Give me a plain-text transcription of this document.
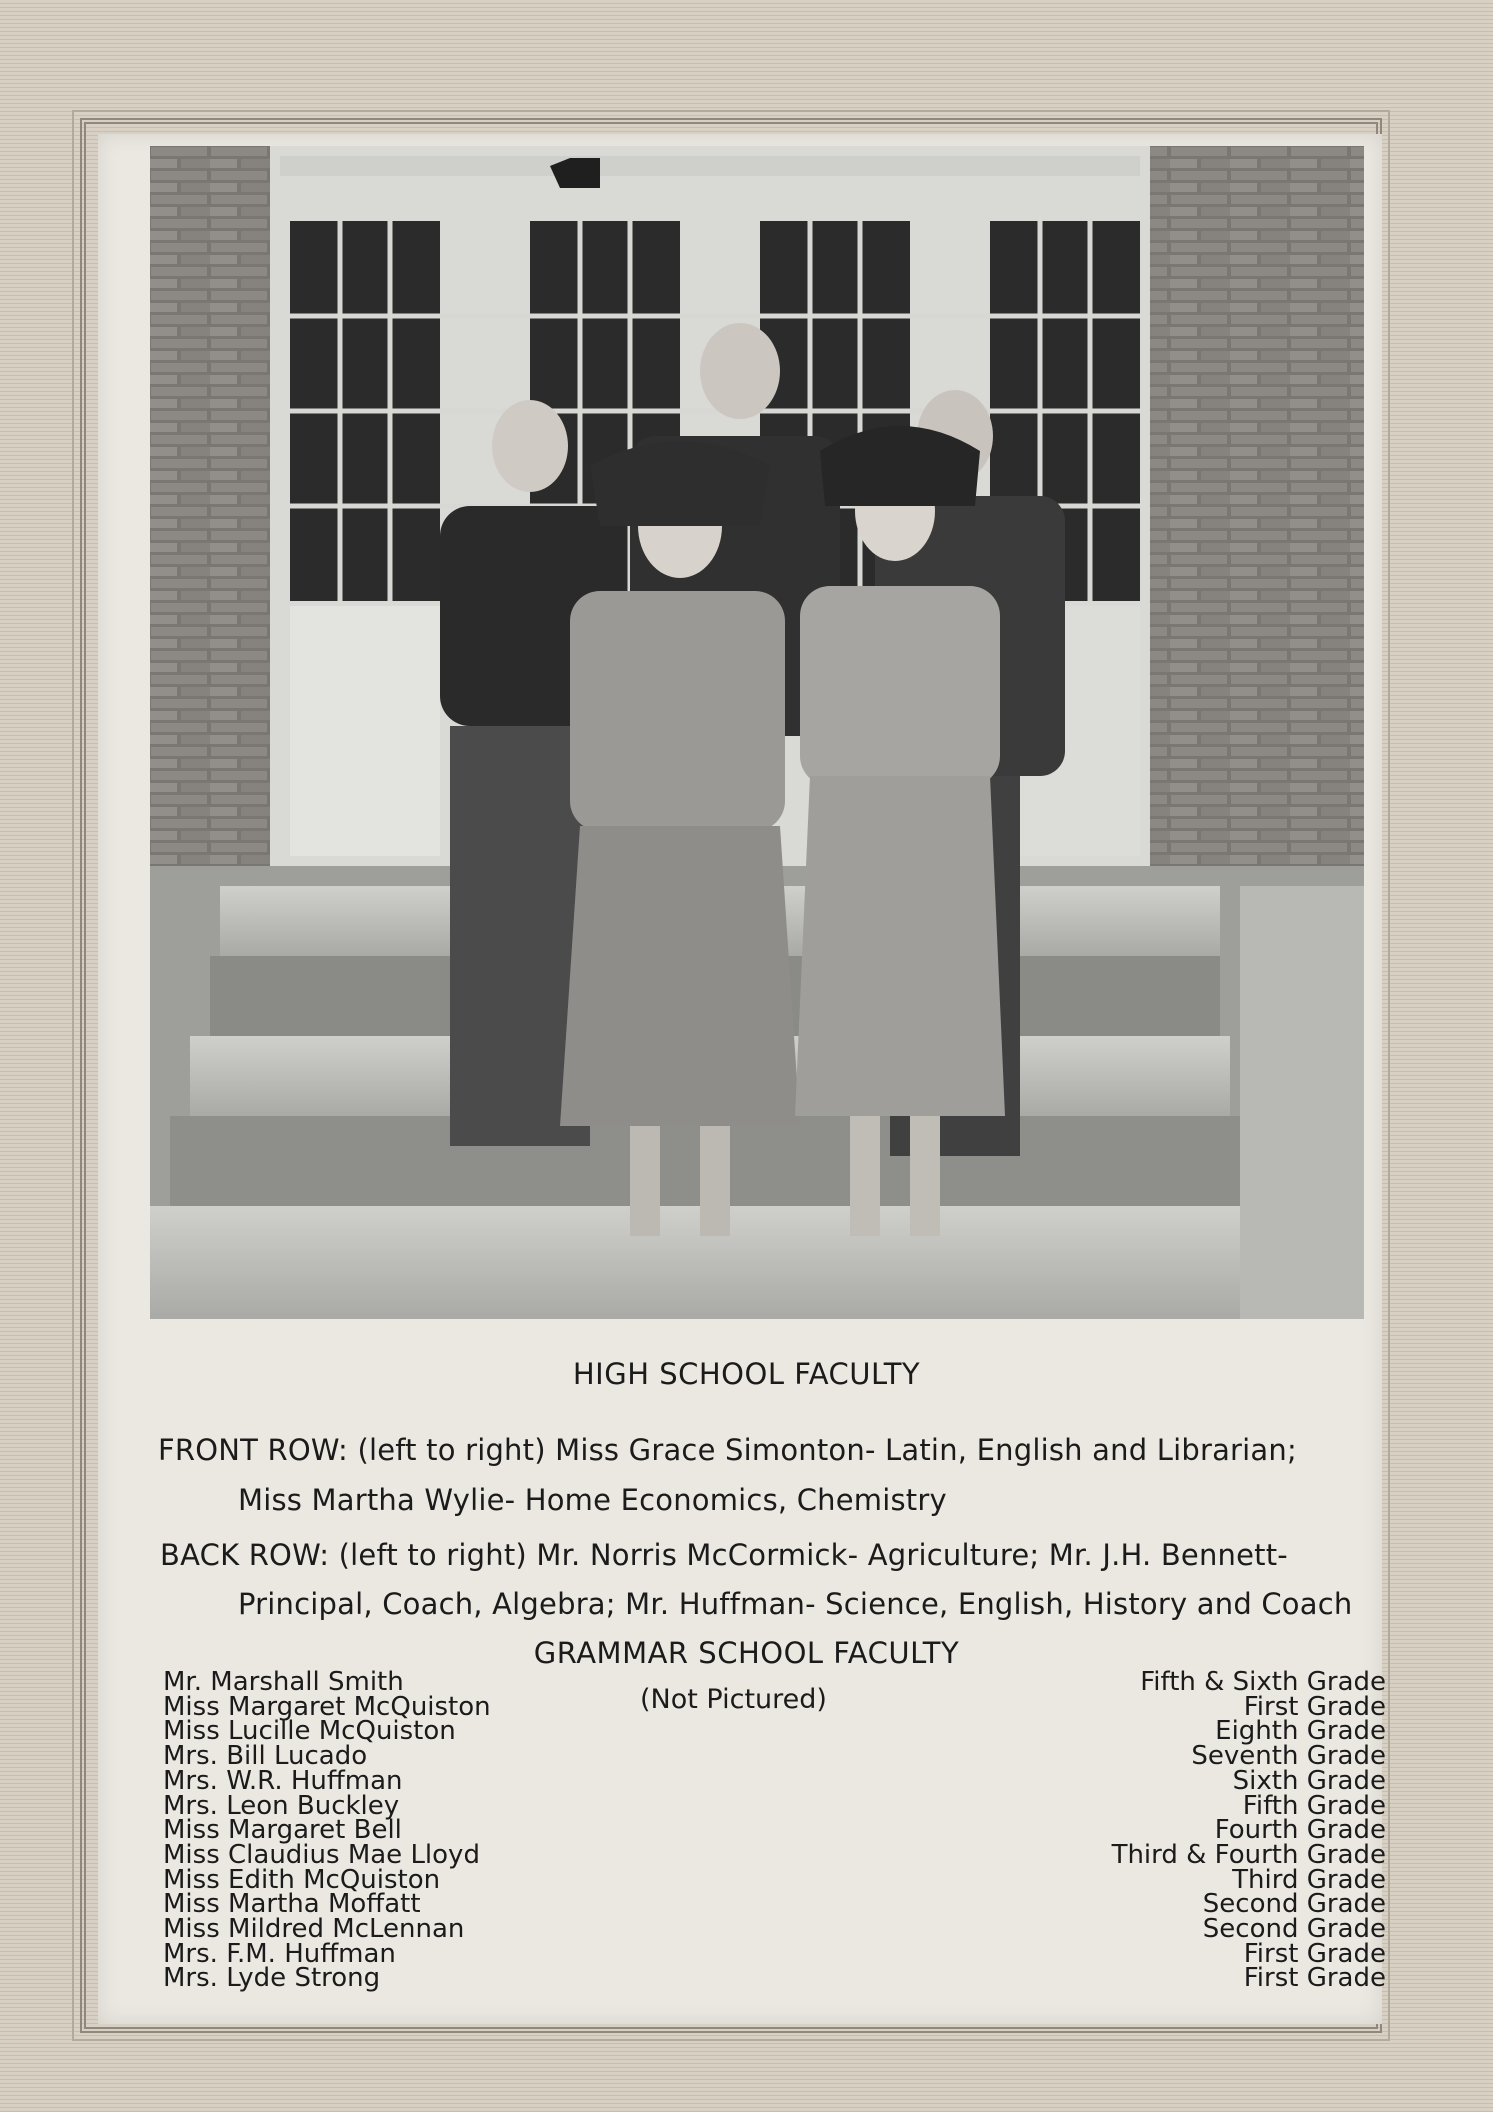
HIGH SCHOOL FACULTY
FRONT ROW: (left to right) Miss Grace Simonton- Latin, English and Librarian;
Miss Martha Wylie- Home Economics, Chemistry
BACK ROW: (left to right) Mr. Norris McCormick- Agriculture; Mr. J.H. Bennett-
Principal, Coach, Algebra; Mr. Huffman- Science, English, History and Coach
GRAMMAR SCHOOL FACULTY
(Not Pictured)
Mr. Marshall Smith
Miss Margaret McQuiston
Miss Lucille McQuiston
Mrs. Bill Lucado
Mrs. W.R. Huffman
Mrs. Leon Buckley
Miss Margaret Bell
Miss Claudius Mae Lloyd
Miss Edith McQuiston
Miss Martha Moffatt
Miss Mildred McLennan
Mrs. F.M. Huffman
Mrs. Lyde Strong
Fifth & Sixth Grade
First Grade
Eighth Grade
Seventh Grade
Sixth Grade
Fifth Grade
Fourth Grade
Third & Fourth Grade
Third Grade
Second Grade
Second Grade
First Grade
First Grade
